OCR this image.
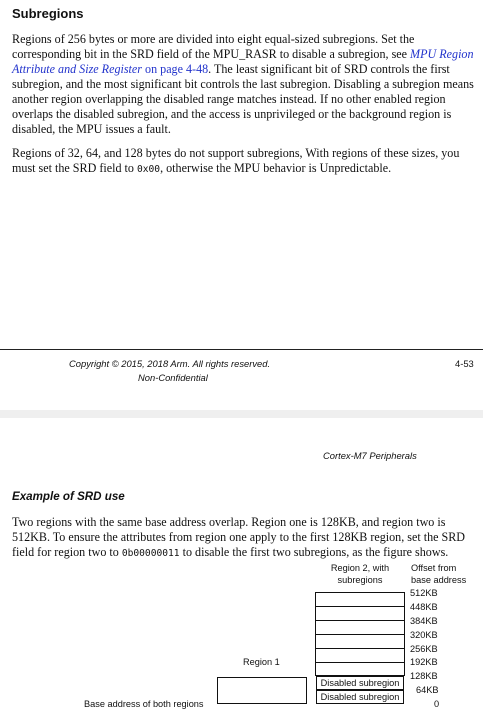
Subregions

Regions of 256 bytes or more are divided into eight equal-sized subregions. Set the corresponding bit in the SRD field of the MPU_RASR to disable a subregion, see MPU Region Attribute and Size Register on page 4-48. The least significant bit of SRD controls the first subregion, and the most significant bit controls the last subregion. Disabling a subregion means another region overlapping the disabled range matches instead. If no other enabled region overlaps the disabled subregion, and the access is unprivileged or the background region is disabled, the MPU issues a fault.

Regions of 32, 64, and 128 bytes do not support subregions, With regions of these sizes, you must set the SRD field to 0x00, otherwise the MPU behavior is Unpredictable.

Copyright © 2015, 2018 Arm. All rights reserved.
Non-Confidential
4-53
Cortex-M7 Peripherals
Example of SRD use

Two regions with the same base address overlap. Region one is 128KB, and region two is 512KB. To ensure the attributes from region one apply to the first 128KB region, set the SRD field for region two to 0b00000011 to disable the first two subregions, as the figure shows.

Region 2, with
subregions
Offset from
base address
Disabled subregion
Disabled subregion
Region 1
Base address of both regions
512KB
448KB
384KB
320KB
256KB
192KB
128KB
64KB
0
